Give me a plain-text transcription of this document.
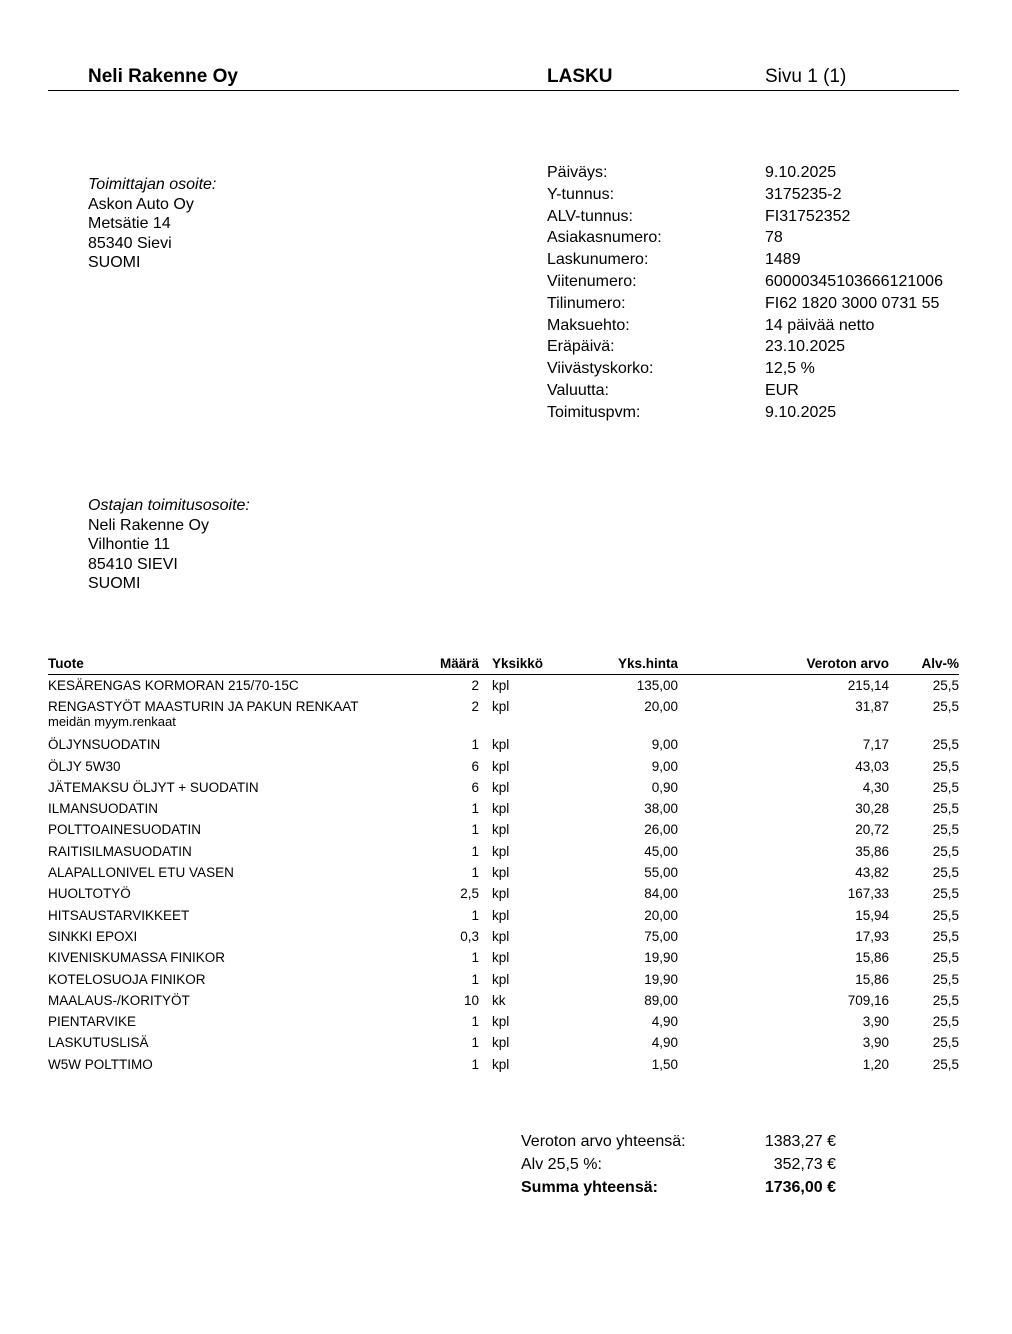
Neli Rakenne Oy	LASKU	Sivu 1 (1)
Toimittajan osoite:
Askon Auto Oy
Metsätie 14
85340 Sievi
SUOMI
Päiväys:	9.10.2025
Y-tunnus:	3175235-2
ALV-tunnus:	FI31752352
Asiakasnumero:	78
Laskunumero:	1489
Viitenumero:	60000345103666121006
Tilinumero:	FI62 1820 3000 0731 55
Maksuehto:	14 päivää netto
Eräpäivä:	23.10.2025
Viivästyskorko:	12,5 %
Valuutta:	EUR
Toimituspvm:	9.10.2025
Ostajan toimitusosoite:
Neli Rakenne Oy
Vilhontie 11
85410 SIEVI
SUOMI
Tuote	Määrä Yksikkö	Yks.hinta	Veroton arvo Alv-%
KESÄRENGAS KORMORAN 215/70-15C	2 kpl	135,00	215,14	25,5
RENGASTYÖT MAASTURIN JA PAKUN RENKAAT
meidän myym.renkaat
2 kpl	20,00	31,87	25,5
ÖLJYNSUODATIN	1 kpl	9,00	7,17	25,5
ÖLJY 5W30	6 kpl	9,00	43,03	25,5
JÄTEMAKSU ÖLJYT + SUODATIN	6 kpl	0,90	4,30	25,5
ILMANSUODATIN	1 kpl	38,00	30,28	25,5
POLTTOAINESUODATIN	1 kpl	26,00	20,72	25,5
RAITISILMASUODATIN	1 kpl	45,00	35,86	25,5
ALAPALLONIVEL ETU VASEN	1 kpl	55,00	43,82	25,5
HUOLTOTYÖ	2,5 kpl	84,00	167,33	25,5
HITSAUSTARVIKKEET	1 kpl	20,00	15,94	25,5
SINKKI EPOXI	0,3 kpl	75,00	17,93	25,5
KIVENISKUMASSA FINIKOR	1 kpl	19,90	15,86	25,5
KOTELOSUOJA FINIKOR	1 kpl	19,90	15,86	25,5
MAALAUS-/KORITYÖT	10 kk	89,00	709,16	25,5
PIENTARVIKE	1 kpl	4,90	3,90	25,5
LASKUTUSLISÄ	1 kpl	4,90	3,90	25,5
W5W POLTTIMO	1 kpl	1,50	1,20	25,5
Veroton arvo yhteensä:	1383,27 €
Alv 25,5 %:	352,73 €
Summa yhteensä:	1736,00 €
